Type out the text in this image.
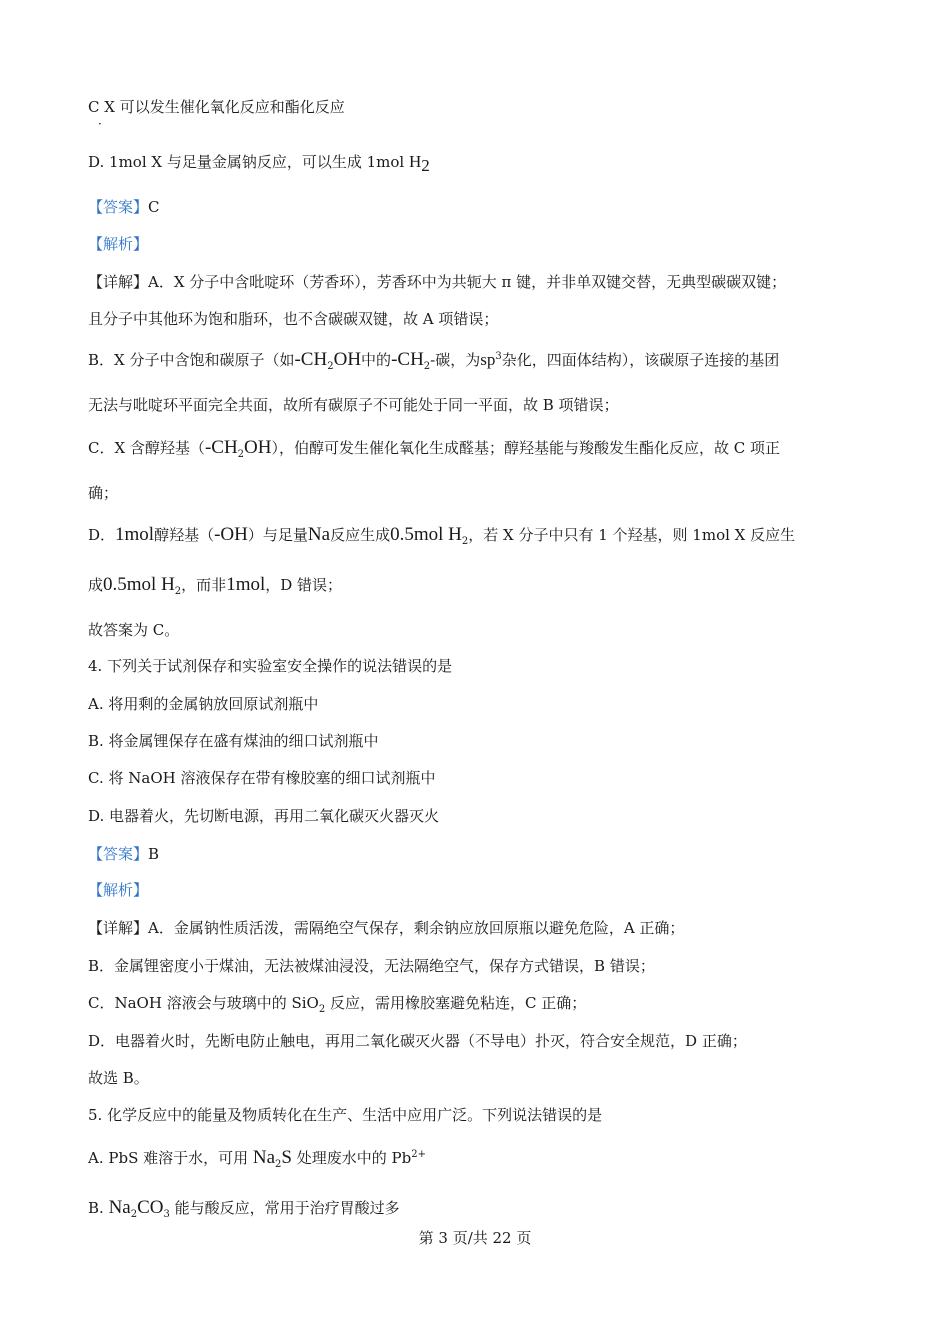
C X 可以发生催化氧化反应和酯化反应
·
D. 1mol X 与足量金属钠反应，可以生成 1mol $H_2$
【答案】C
【解析】
【详解】A．X 分子中含吡啶环（芳香环），芳香环中为共轭大 π 键，并非单双键交替，无典型碳碳双键；
且分子中其他环为饱和脂环，也不含碳碳双键，故 A 项错误；
B．X 分子中含饱和碳原子（如$-CH_2OH$中的$-CH_2-$碳，为$sp^3$杂化，四面体结构），该碳原子连接的基团
无法与吡啶环平面完全共面，故所有碳原子不可能处于同一平面，故 B 项错误；
C．X 含醇羟基$(-CH_2OH)$，伯醇可发生催化氧化生成醛基；醇羟基能与羧酸发生酯化反应，故 C 项正
确；
D．1mol醇羟基（-OH）与足量Na反应生成0.5mol $H_2$，若 X 分子中只有 1 个羟基，则 1mol X 反应生
成0.5mol $H_2$，而非1mol，D 错误；
故答案为 C。
4. 下列关于试剂保存和实验室安全操作的说法错误的是
A. 将用剩的金属钠放回原试剂瓶中
B. 将金属锂保存在盛有煤油的细口试剂瓶中
C. 将 NaOH 溶液保存在带有橡胶塞的细口试剂瓶中
D. 电器着火，先切断电源，再用二氧化碳灭火器灭火
【答案】B
【解析】
【详解】A．金属钠性质活泼，需隔绝空气保存，剩余钠应放回原瓶以避免危险，A 正确；
B．金属锂密度小于煤油，无法被煤油浸没，无法隔绝空气，保存方式错误，B 错误；
C．NaOH 溶液会与玻璃中的 SiO$_2$ 反应，需用橡胶塞避免粘连，C 正确；
D．电器着火时，先断电防止触电，再用二氧化碳灭火器（不导电）扑灭，符合安全规范，D 正确；
故选 B。
5. 化学反应中的能量及物质转化在生产、生活中应用广泛。下列说法错误的是
A. PbS 难溶于水，可用 $Na_2S$ 处理废水中的 $Pb^{2+}$
B. $Na_2CO_3$ 能与酸反应，常用于治疗胃酸过多
第 3 页/共 22 页
